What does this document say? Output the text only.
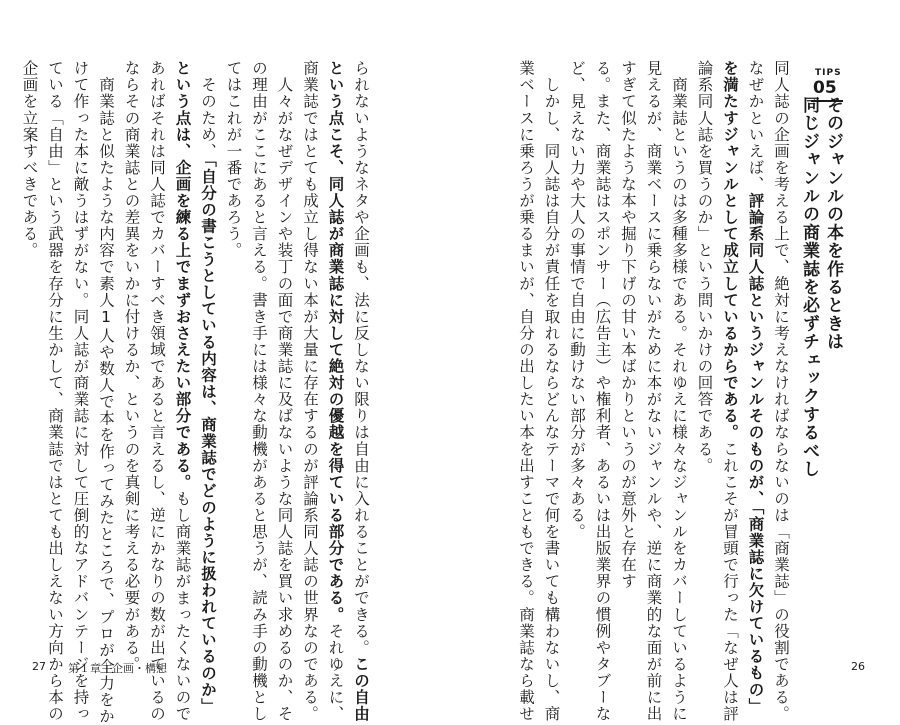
TIPS
05
そのジャンルの本を作るときは
同じジャンルの商業誌を必ずチェックするべし
同人誌の企画を考える上で、絶対に考えなければならないのは「商業誌」の役割である。
なぜかといえば、評論系同人誌というジャンルそのものが、「商業誌に欠けているもの」
を満たすジャンルとして成立しているからである。これこそが冒頭で行った「なぜ人は評
論系同人誌を買うのか」という問いかけの回答である。
　商業誌というのは多種多様である。それゆえに様々なジャンルをカバーしているように
見えるが、商業ベースに乗らないがために本がないジャンルや、逆に商業的な面が前に出
すぎて似たような本や掘り下げの甘い本ばかりというのが意外と存在す
る。また、商業誌はスポンサー（広告主）や権利者、あるいは出版業界の慣例やタブーな
ど、見えない力や大人の事情で自由に動けない部分が多々ある。
　しかし、同人誌は自分が責任を取れるならどんなテーマで何を書いても構わないし、商
業ベースに乗ろうが乗るまいが、自分の出したい本を出すこともできる。商業誌なら載せ
られないようなネタや企画も、法に反しない限りは自由に入れることができる。この自由
という点こそ、同人誌が商業誌に対して絶対の優越を得ている部分である。それゆえに、
商業誌ではとても成立し得ない本が大量に存在するのが評論系同人誌の世界なのである。
　人々がなぜデザインや装丁の面で商業誌に及ばないような同人誌を買い求めるのか、そ
の理由がここにあると言える。書き手には様々な動機があると思うが、読み手の動機とし
てはこれが一番であろう。
　そのため、「自分の書こうとしている内容は、商業誌でどのように扱われているのか」
という点は、企画を練る上でまずおさえたい部分である。もし商業誌がまったくないので
あればそれは同人誌でカバーすべき領域であると言えるし、逆にかなりの数が出ているの
ならその商業誌との差異をいかに付けるか、というのを真剣に考える必要がある。
　商業誌と似たような内容で素人1人や数人で本を作ってみたところで、プロが全力をか
けて作った本に敵うはずがない。同人誌が商業誌に対して圧倒的なアドバンテージを持っ
ている「自由」という武器を存分に生かして、商業誌ではとても出しえない方向から本の
企画を立案すべきである。
27 第１章｜企画・構想	26
